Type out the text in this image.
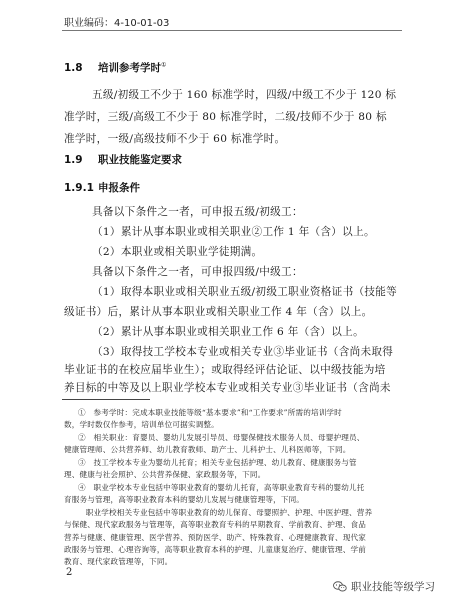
职业编码：4-10-01-03
1.8 培训参考学时①
五级/初级工不少于 160 标准学时，四级/中级工不少于 120 标
准学时，三级/高级工不少于 80 标准学时，二级/技师不少于 80 标
准学时，一级/高级技师不少于 60 标准学时。
1.9 职业技能鉴定要求
1.9.1 申报条件
具备以下条件之一者，可申报五级/初级工：
（1）累计从事本职业或相关职业②工作 1 年（含）以上。
（2）本职业或相关职业学徒期满。
具备以下条件之一者，可申报四级/中级工：
（1）取得本职业或相关职业五级/初级工职业资格证书（技能等
级证书）后，累计从事本职业或相关职业工作 4 年（含）以上。
（2）累计从事本职业或相关职业工作 6 年（含）以上。
（3）取得技工学校本专业或相关专业③毕业证书（含尚未取得
毕业证书的在校应届毕业生）；或取得经评估论证、以中级技能为培
养目标的中等及以上职业学校本专业或相关专业③毕业证书（含尚未
①　参考学时：完成本职业技能等级“基本要求”和“工作要求”所需的培训学时
数，学时数仅作参考，培训单位可据实调整。
②　相关职业：育婴员、婴幼儿发展引导员、母婴保健技术服务人员、母婴护理员、
健康管理师、公共营养师、幼儿教育教师、助产士、儿科护士、儿科医师等，下同。
③　技工学校本专业为婴幼儿托育；相关专业包括护理、幼儿教育、健康服务与管
理、健康与社会照护、公共营养保健、家政服务等，下同。
④　职业学校本专业包括中等职业教育的婴幼儿托育，高等职业教育专科的婴幼儿托
育服务与管理，高等职业教育本科的婴幼儿发展与健康管理等，下同。
　职业学校相关专业包括中等职业教育的幼儿保育、母婴照护、护理、中医护理、营养
与保健、现代家政服务与管理等，高等职业教育专科的早期教育、学前教育、护理、食品
营养与健康、健康管理、医学营养、预防医学、助产、特殊教育、心理健康教育、现代家
政服务与管理、心理咨询等，高等职业教育本科的护理、儿童康复治疗、健康管理、学前
教育、现代家政管理等，下同。
2
职业技能等级学习
